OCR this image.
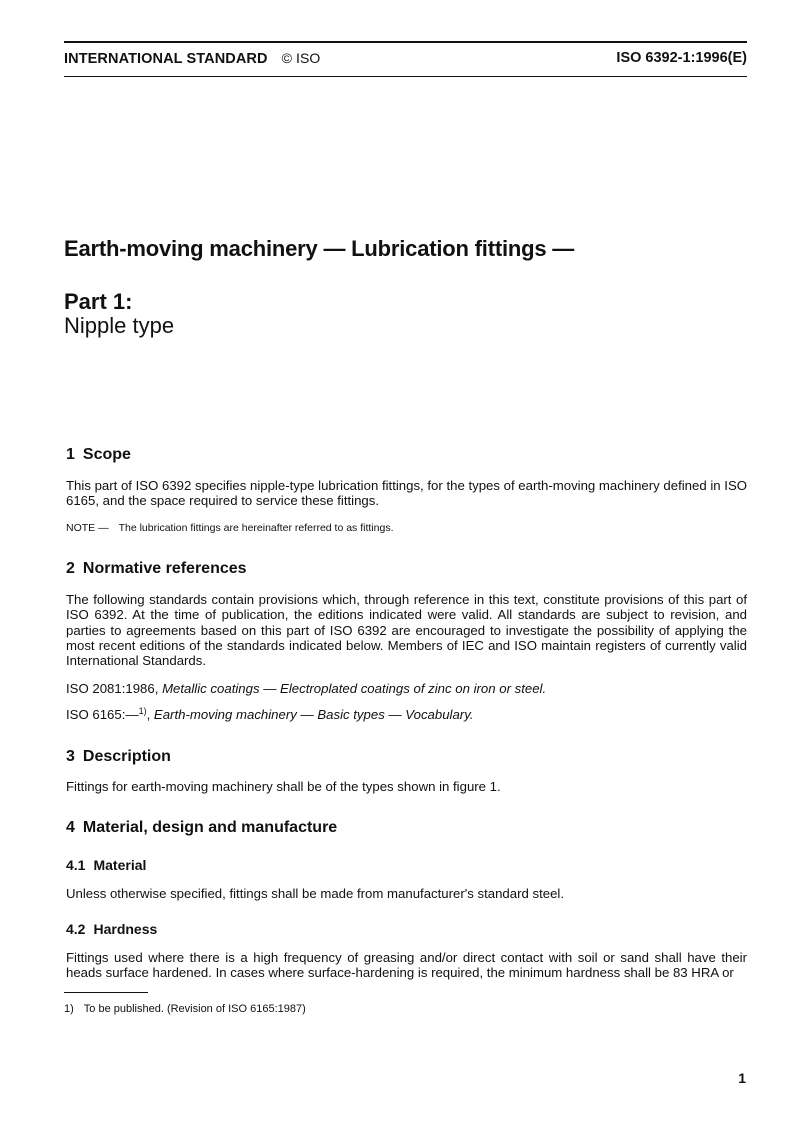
INTERNATIONAL STANDARD © ISO	ISO 6392-1:1996(E)
Earth-moving machinery — Lubrication fittings —
Part 1:
Nipple type
1 Scope

This part of ISO 6392 specifies nipple-type lubrication fittings, for the types of earth-moving machinery defined in ISO 6165, and the space required to service these fittings.

NOTE — The lubrication fittings are hereinafter referred to as fittings.

2 Normative references

The following standards contain provisions which, through reference in this text, constitute provisions of this part of ISO 6392. At the time of publication, the editions indicated were valid. All standards are subject to revision, and parties to agreements based on this part of ISO 6392 are encouraged to investigate the possibility of applying the most recent editions of the standards indicated below. Members of IEC and ISO maintain registers of currently valid International Standards.

ISO 2081:1986, Metallic coatings — Electroplated coatings of zinc on iron or steel.

ISO 6165:—$^{1)}$, Earth-moving machinery — Basic types — Vocabulary.

3 Description

Fittings for earth-moving machinery shall be of the types shown in figure 1.

4 Material, design and manufacture
4.1 Material

Unless otherwise specified, fittings shall be made from manufacturer's standard steel.

4.2 Hardness

Fittings used where there is a high frequency of greasing and/or direct contact with soil or sand shall have their heads surface hardened. In cases where surface-hardening is required, the minimum hardness shall be 83 HRA or

1) To be published. (Revision of ISO 6165:1987)
1
